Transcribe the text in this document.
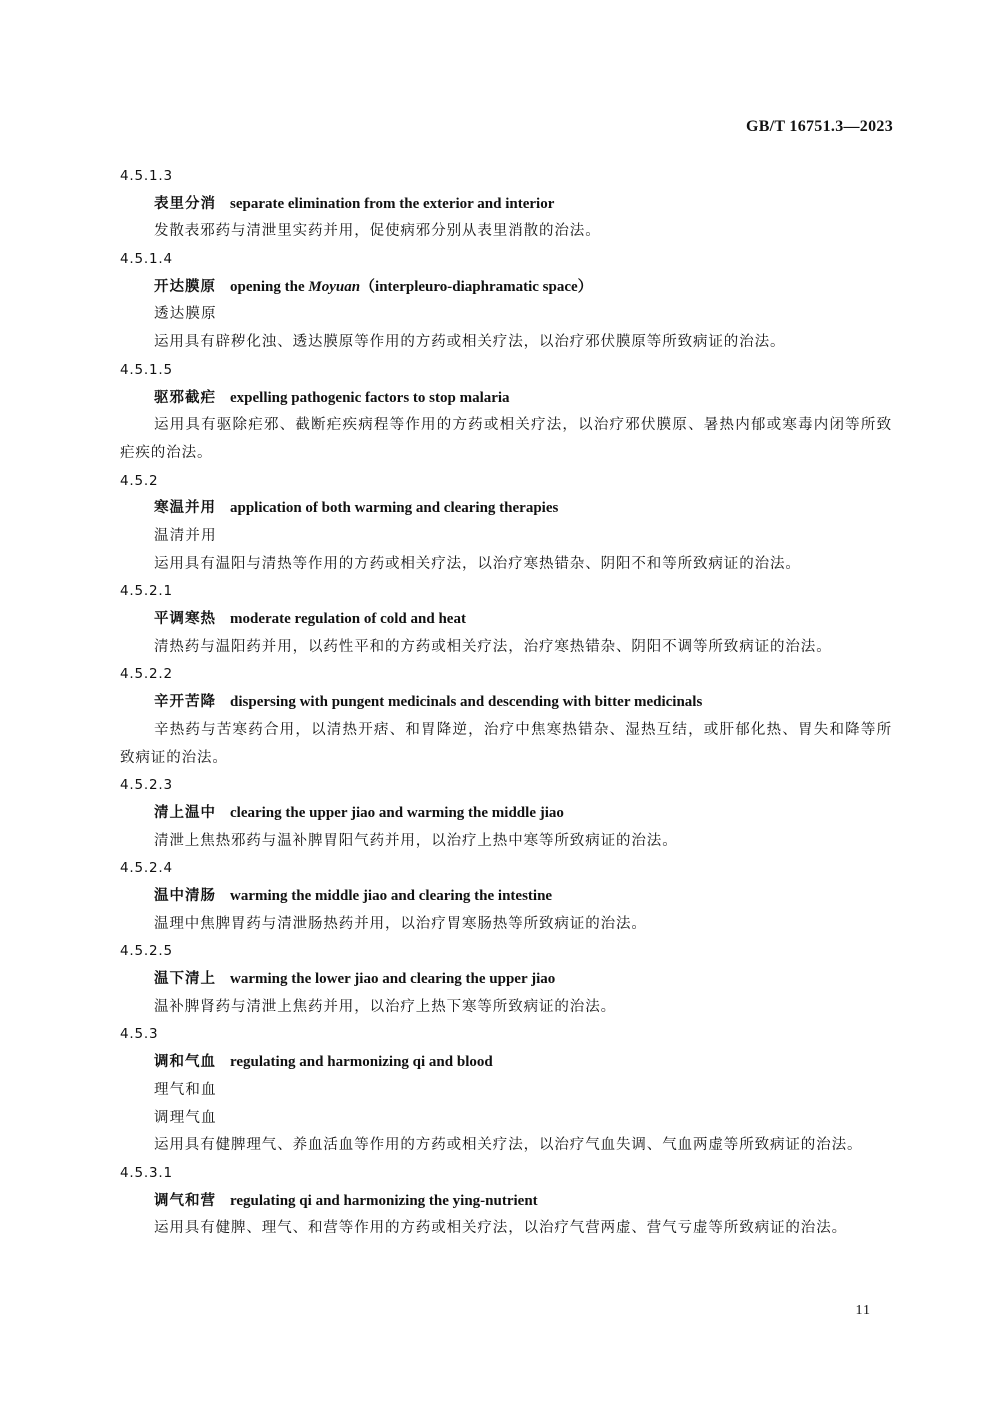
GB/T 16751.3—2023
4.5.1.3
表里分消 separate elimination from the exterior and interior
发散表邪药与清泄里实药并用，促使病邪分别从表里消散的治法。
4.5.1.4
开达膜原 opening the Moyuan（interpleuro-diaphramatic space）
透达膜原
运用具有辟秽化浊、透达膜原等作用的方药或相关疗法，以治疗邪伏膜原等所致病证的治法。
4.5.1.5
驱邪截疟 expelling pathogenic factors to stop malaria
运用具有驱除疟邪、截断疟疾病程等作用的方药或相关疗法，以治疗邪伏膜原、暑热内郁或寒毒内闭等所致疟疾的治法。
4.5.2
寒温并用 application of both warming and clearing therapies
温清并用
运用具有温阳与清热等作用的方药或相关疗法，以治疗寒热错杂、阴阳不和等所致病证的治法。
4.5.2.1
平调寒热 moderate regulation of cold and heat
清热药与温阳药并用，以药性平和的方药或相关疗法，治疗寒热错杂、阴阳不调等所致病证的治法。
4.5.2.2
辛开苦降 dispersing with pungent medicinals and descending with bitter medicinals
辛热药与苦寒药合用，以清热开痞、和胃降逆，治疗中焦寒热错杂、湿热互结，或肝郁化热、胃失和降等所致病证的治法。
4.5.2.3
清上温中 clearing the upper jiao and warming the middle jiao
清泄上焦热邪药与温补脾胃阳气药并用，以治疗上热中寒等所致病证的治法。
4.5.2.4
温中清肠 warming the middle jiao and clearing the intestine
温理中焦脾胃药与清泄肠热药并用，以治疗胃寒肠热等所致病证的治法。
4.5.2.5
温下清上 warming the lower jiao and clearing the upper jiao
温补脾肾药与清泄上焦药并用，以治疗上热下寒等所致病证的治法。
4.5.3
调和气血 regulating and harmonizing qi and blood
理气和血
调理气血
运用具有健脾理气、养血活血等作用的方药或相关疗法，以治疗气血失调、气血两虚等所致病证的治法。
4.5.3.1
调气和营 regulating qi and harmonizing the ying-nutrient
运用具有健脾、理气、和营等作用的方药或相关疗法，以治疗气营两虚、营气亏虚等所致病证的治法。
11
